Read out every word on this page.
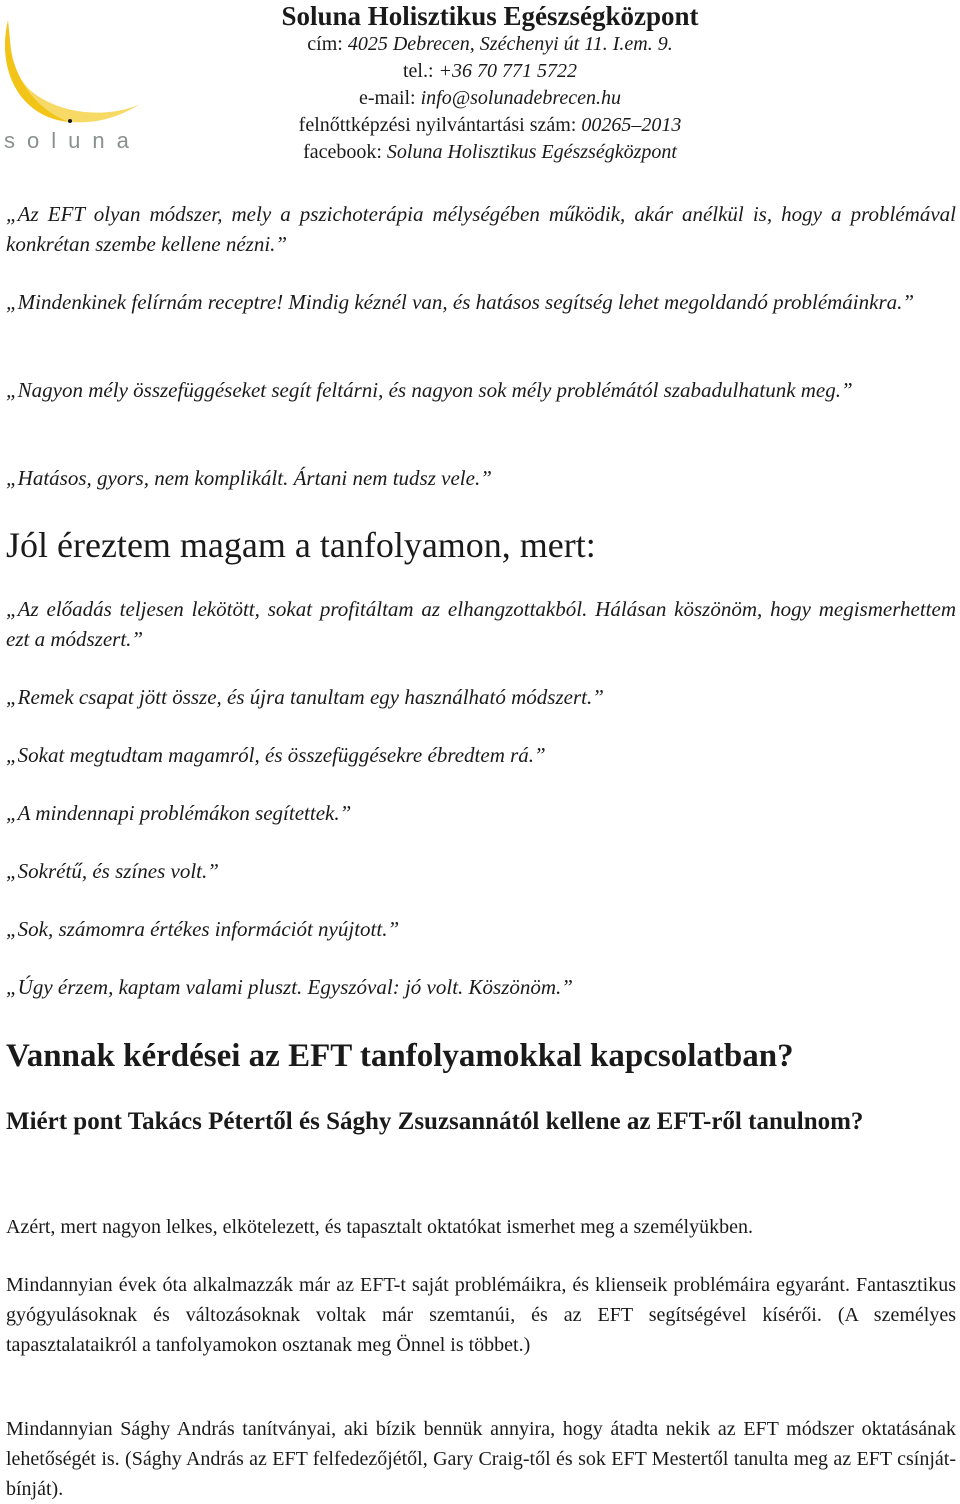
soluna
Soluna Holisztikus Egészségközpont
cím: 4025 Debrecen, Széchenyi út 11. I.em. 9.
tel.: +36 70 771 5722
e-mail: info@solunadebrecen.hu
felnőttképzési nyilvántartási szám: 00265–2013
facebook: Soluna Holisztikus Egészségközpont

„Az EFT olyan módszer, mely a pszichoterápia mélységében működik, akár anélkül is, hogy a problémával konkrétan szembe kellene nézni.”

„Mindenkinek felírnám receptre! Mindig kéznél van, és hatásos segítség lehet megoldandó problémáinkra.”

„Nagyon mély összefüggéseket segít feltárni, és nagyon sok mély problémától szabadulhatunk meg.”

„Hatásos, gyors, nem komplikált. Ártani nem tudsz vele.”

Jól éreztem magam a tanfolyamon, mert:

„Az előadás teljesen lekötött, sokat profitáltam az elhangzottakból. Hálásan köszönöm, hogy megismerhettem ezt a módszert.”

„Remek csapat jött össze, és újra tanultam egy használható módszert.”

„Sokat megtudtam magamról, és összefüggésekre ébredtem rá.”

„A mindennapi problémákon segítettek.”

„Sokrétű, és színes volt.”

„Sok, számomra értékes információt nyújtott.”

„Úgy érzem, kaptam valami pluszt. Egyszóval: jó volt. Köszönöm.”

Vannak kérdései az EFT tanfolyamokkal kapcsolatban?
Miért pont Takács Pétertől és Sághy Zsuzsannától kellene az EFT-ről tanulnom?

Azért, mert nagyon lelkes, elkötelezett, és tapasztalt oktatókat ismerhet meg a személyükben.

Mindannyian évek óta alkalmazzák már az EFT-t saját problémáikra, és klienseik problémáira egyaránt. Fantasztikus gyógyulásoknak és változásoknak voltak már szemtanúi, és az EFT segítségével kísérői. (A személyes tapasztalataikról a tanfolyamokon osztanak meg Önnel is többet.)

Mindannyian Sághy András tanítványai, aki bízik bennük annyira, hogy átadta nekik az EFT módszer oktatásának lehetőségét is. (Sághy András az EFT felfedezőjétől, Gary Craig-től és sok EFT Mestertől tanulta meg az EFT csínját-bínját).
